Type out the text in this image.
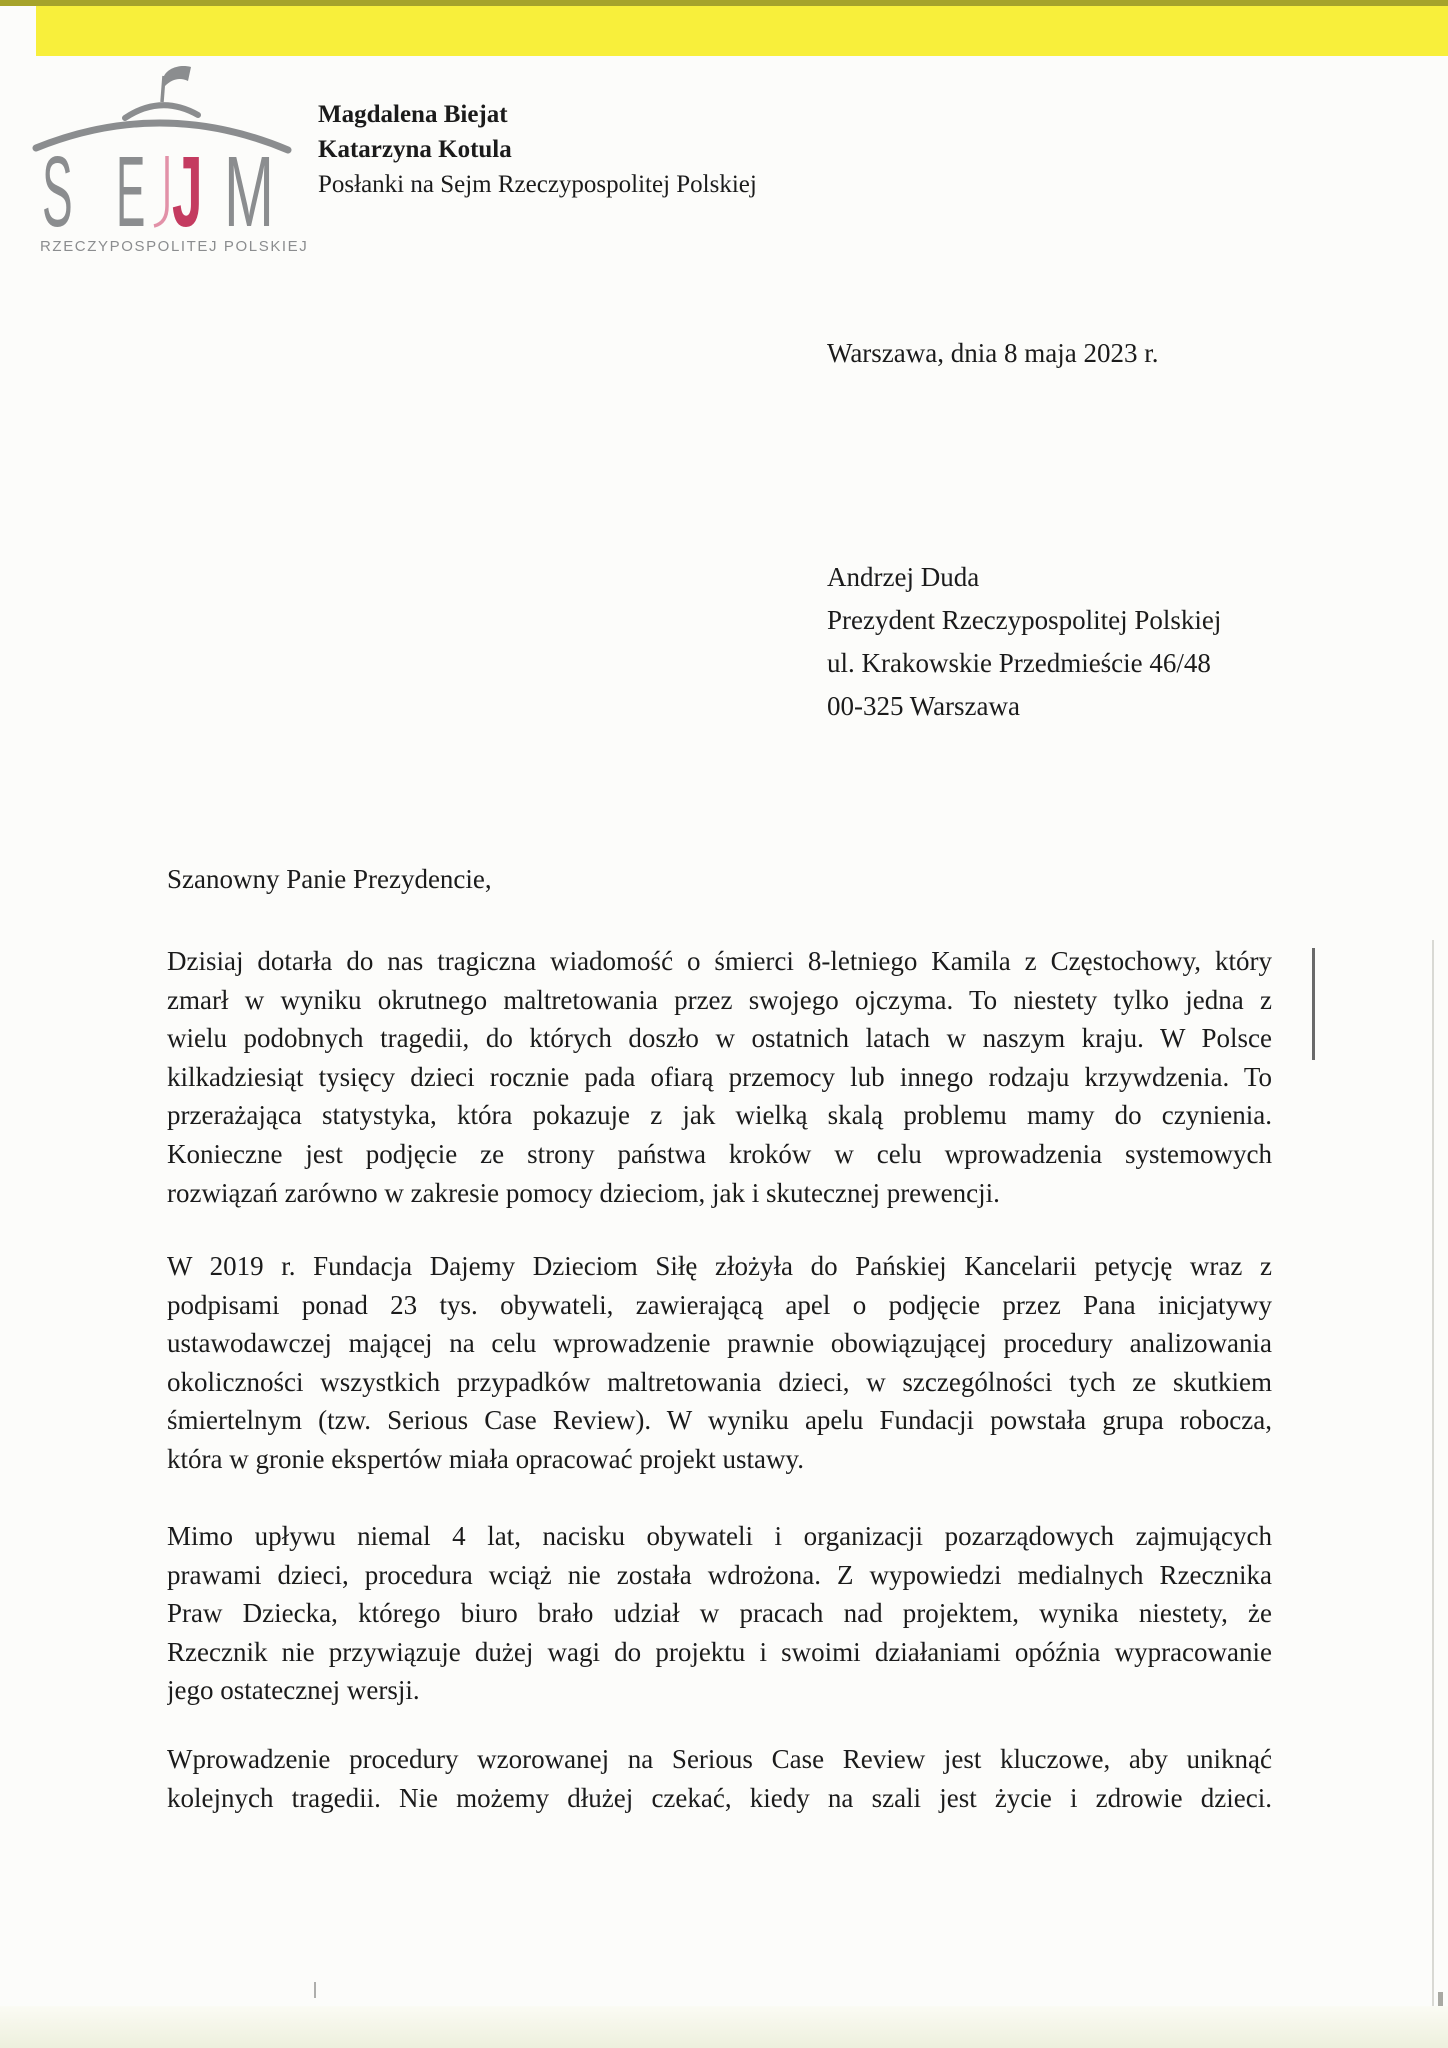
S E J M
RZECZYPOSPOLITEJ POLSKIEJ
Magdalena Biejat
Katarzyna Kotula
Posłanki na Sejm Rzeczypospolitej Polskiej
Warszawa, dnia 8 maja 2023 r.
Andrzej Duda
Prezydent Rzeczypospolitej Polskiej
ul. Krakowskie Przedmieście 46/48
00-325 Warszawa
Szanowny Panie Prezydencie,
Dzisiaj dotarła do nas tragiczna wiadomość o śmierci 8-letniego Kamila z Częstochowy, który
zmarł w wyniku okrutnego maltretowania przez swojego ojczyma. To niestety tylko jedna z
wielu podobnych tragedii, do których doszło w ostatnich latach w naszym kraju. W Polsce
kilkadziesiąt tysięcy dzieci rocznie pada ofiarą przemocy lub innego rodzaju krzywdzenia. To
przerażająca statystyka, która pokazuje z jak wielką skalą problemu mamy do czynienia.
Konieczne jest podjęcie ze strony państwa kroków w celu wprowadzenia systemowych
rozwiązań zarówno w zakresie pomocy dzieciom, jak i skutecznej prewencji.
W 2019 r. Fundacja Dajemy Dzieciom Siłę złożyła do Pańskiej Kancelarii petycję wraz z
podpisami ponad 23 tys. obywateli, zawierającą apel o podjęcie przez Pana inicjatywy
ustawodawczej mającej na celu wprowadzenie prawnie obowiązującej procedury analizowania
okoliczności wszystkich przypadków maltretowania dzieci, w szczególności tych ze skutkiem
śmiertelnym (tzw. Serious Case Review). W wyniku apelu Fundacji powstała grupa robocza,
która w gronie ekspertów miała opracować projekt ustawy.
Mimo upływu niemal 4 lat, nacisku obywateli i organizacji pozarządowych zajmujących
prawami dzieci, procedura wciąż nie została wdrożona. Z wypowiedzi medialnych Rzecznika
Praw Dziecka, którego biuro brało udział w pracach nad projektem, wynika niestety, że
Rzecznik nie przywiązuje dużej wagi do projektu i swoimi działaniami opóźnia wypracowanie
jego ostatecznej wersji.
Wprowadzenie procedury wzorowanej na Serious Case Review jest kluczowe, aby uniknąć
kolejnych tragedii. Nie możemy dłużej czekać, kiedy na szali jest życie i zdrowie dzieci.
